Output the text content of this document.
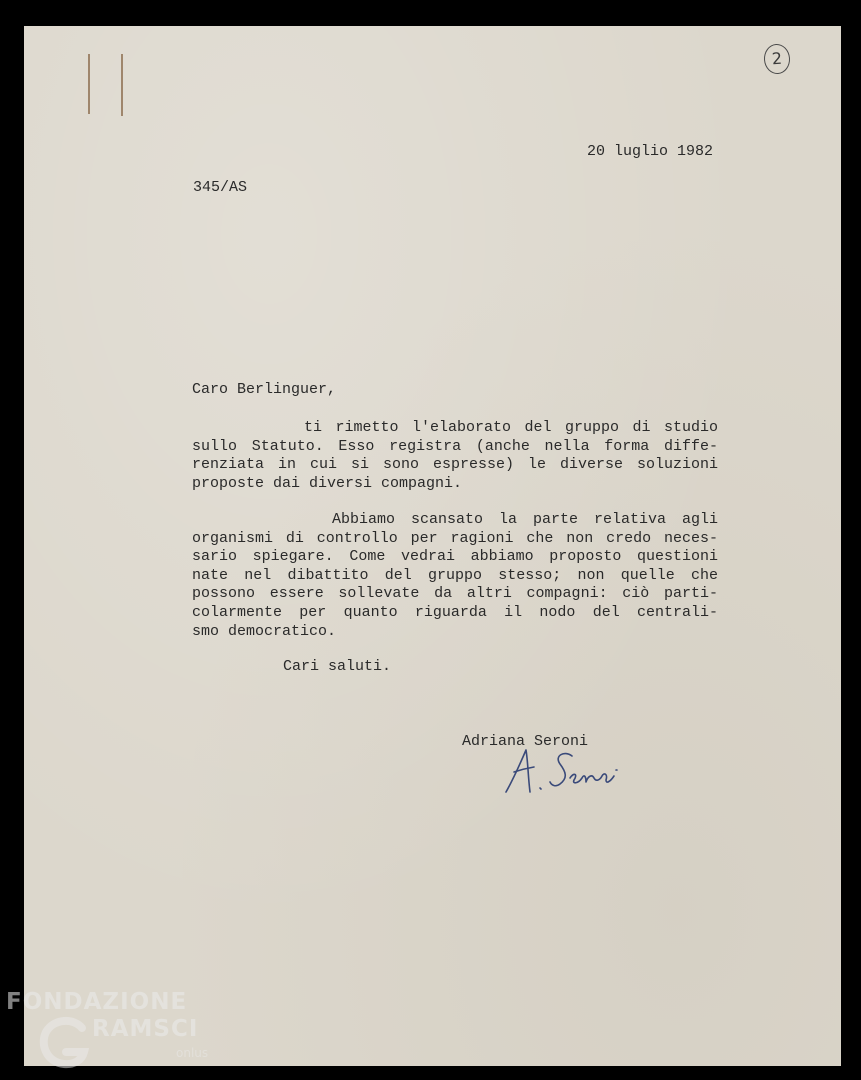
2

20 luglio 1982

345/AS

Caro Berlinguer,

ti rimetto l'elaborato del gruppo di studio
sullo Statuto. Esso registra (anche nella forma diffe-
renziata in cui si sono espresse) le diverse soluzioni
proposte dai diversi compagni.
Abbiamo scansato la parte relativa agli
organismi di controllo per ragioni che non credo neces-
sario spiegare. Come vedrai abbiamo proposto questioni
nate nel dibattito del gruppo stesso; non quelle che
possono essere sollevate da altri compagni: ciò parti-
colarmente per quanto riguarda il nodo del centrali-
smo democratico.

Cari saluti.

Adriana Seroni

FONDAZIONE
RAMSCI
onlus
